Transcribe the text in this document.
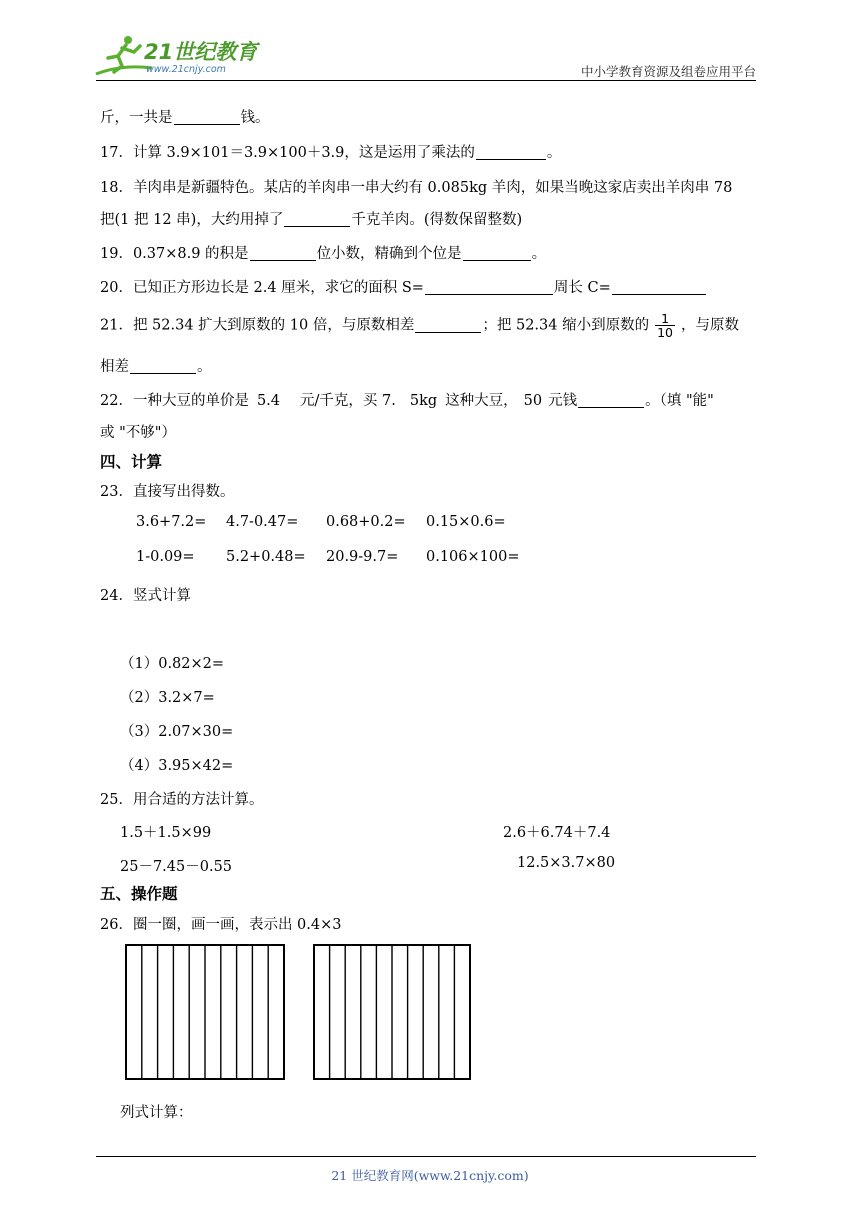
21世纪教育
www.21cnjy.com	中小学教育资源及组卷应用平台
斤，一共是	钱。
17．计算 3.9×101＝3.9×100＋3.9，这是运用了乘法的	。
18．羊肉串是新疆特色。某店的羊肉串一串大约有 0.085kg 羊肉，如果当晚这家店卖出羊肉串 78
把(1 把 12 串)，大约用掉了	千克羊肉。(得数保留整数)
19．0.37×8.9 的积是	位小数，精确到个位是	。
20．已知正方形边长是 2.4 厘米，求它的面积 S=	周长 C=
21．把 52.34 扩大到原数的 10 倍，与原数相差	；把 52.34 缩小到原数的 $\frac{1}{10}$ ，与原数
相差	。
22．一种大豆的单价是 5.4 元/千克，买 7. 5kg 这种大豆， 50 元钱	。（填 "能"
或 "不够"）
四、计算
23．直接写出得数。
3.6+7.2= 4.7-0.47= 0.68+0.2= 0.15×0.6=
1-0.09= 5.2+0.48= 20.9-9.7= 0.106×100=
24．竖式计算
（1）0.82×2=
（2）3.2×7=
（3）2.07×30=
（4）3.95×42=
25．用合适的方法计算。
1.5＋1.5×99	2.6＋6.74＋7.4
25－7.45－0.55	12.5×3.7×80
五、操作题
26．圈一圈，画一画，表示出 0.4×3
列式计算：
21 世纪教育网(www.21cnjy.com)
